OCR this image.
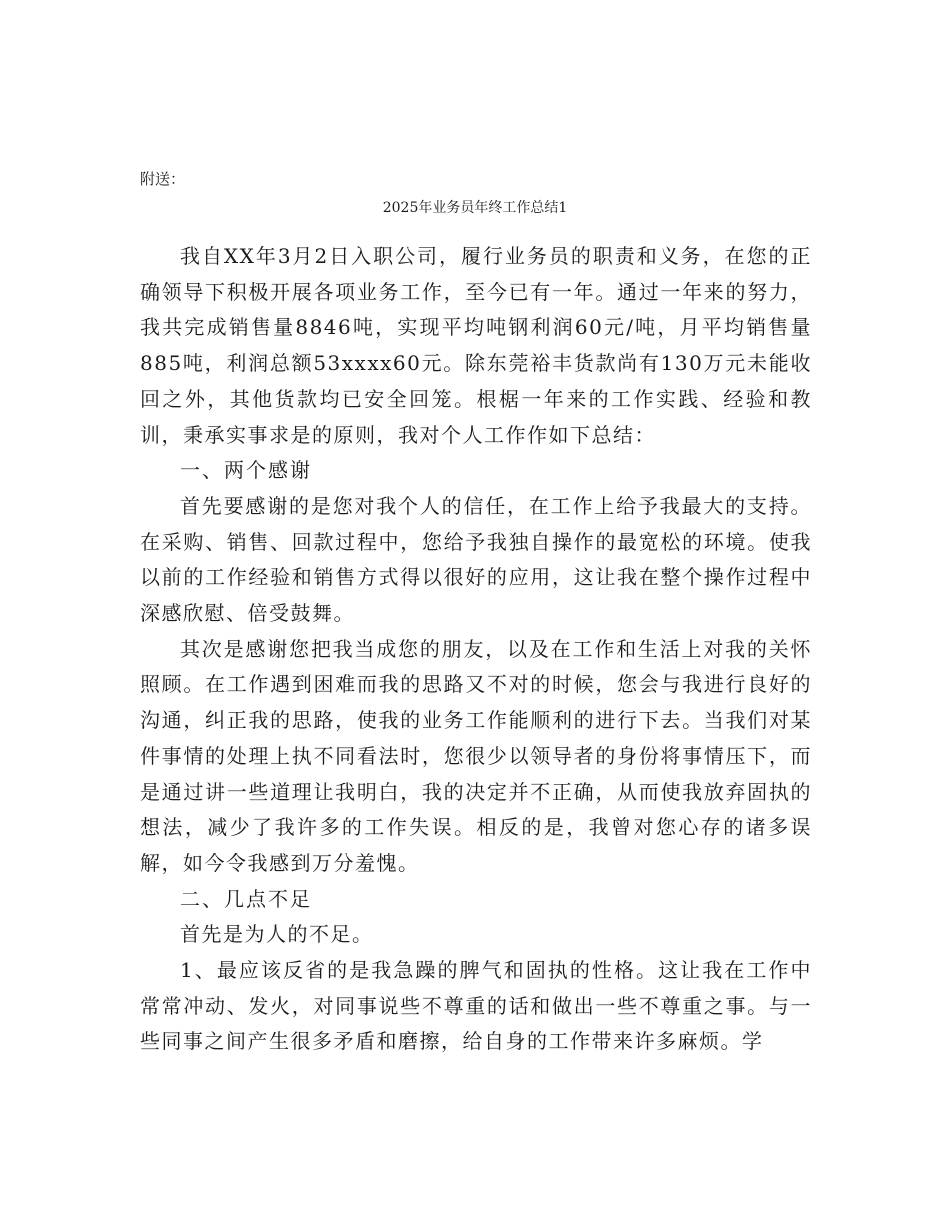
附送：
2025年业务员年终工作总结1

我自XX年3月2日入职公司，履行业务员的职责和义务，在您的正确领导下积极开展各项业务工作，至今已有一年。通过一年来的努力，我共完成销售量8846吨，实现平均吨钢利润60元/吨，月平均销售量885吨，利润总额53xxxx60元。除东莞裕丰货款尚有130万元未能收回之外，其他货款均已安全回笼。根椐一年来的工作实践、经验和教训，秉承实事求是的原则，我对个人工作作如下总结：

一、两个感谢

首先要感谢的是您对我个人的信任，在工作上给予我最大的支持。在采购、销售、回款过程中，您给予我独自操作的最宽松的环境。使我以前的工作经验和销售方式得以很好的应用，这让我在整个操作过程中深感欣慰、倍受鼓舞。

其次是感谢您把我当成您的朋友，以及在工作和生活上对我的关怀照顾。在工作遇到困难而我的思路又不对的时候，您会与我进行良好的沟通，纠正我的思路，使我的业务工作能顺利的进行下去。当我们对某件事情的处理上执不同看法时，您很少以领导者的身份将事情压下，而是通过讲一些道理让我明白，我的决定并不正确，从而使我放弃固执的想法，减少了我许多的工作失误。相反的是，我曾对您心存的诸多误解，如今令我感到万分羞愧。

二、几点不足

首先是为人的不足。

1、最应该反省的是我急躁的脾气和固执的性格。这让我在工作中常常冲动、发火，对同事说些不尊重的话和做出一些不尊重之事。与一些同事之间产生很多矛盾和磨擦，给自身的工作带来许多麻烦。学
